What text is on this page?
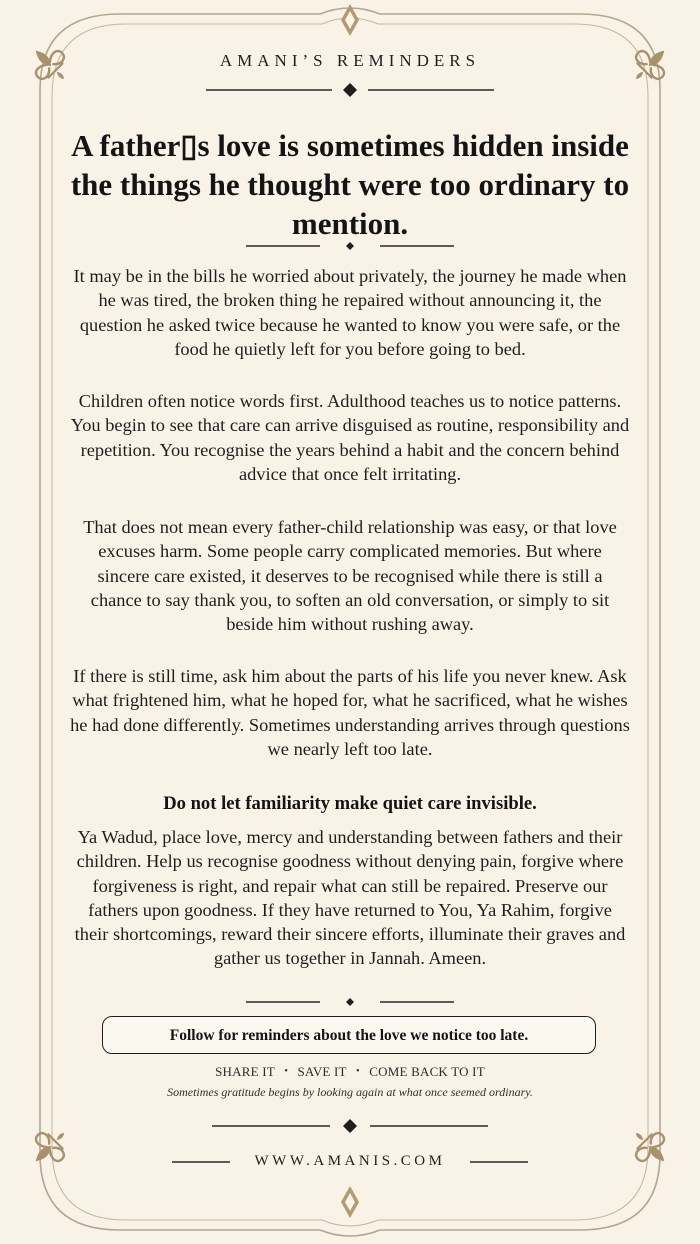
AMANI’S REMINDERS
A father▯s love is sometimes hidden inside the things he thought were too ordinary to mention.

It may be in the bills he worried about privately, the journey he made when he was tired, the broken thing he repaired without announcing it, the question he asked twice because he wanted to know you were safe, or the food he quietly left for you before going to bed.

Children often notice words first. Adulthood teaches us to notice patterns. You begin to see that care can arrive disguised as routine, responsibility and repetition. You recognise the years behind a habit and the concern behind advice that once felt irritating.

That does not mean every father-child relationship was easy, or that love excuses harm. Some people carry complicated memories. But where sincere care existed, it deserves to be recognised while there is still a chance to say thank you, to soften an old conversation, or simply to sit beside him without rushing away.

If there is still time, ask him about the parts of his life you never knew. Ask what frightened him, what he hoped for, what he sacrificed, what he wishes he had done differently. Sometimes understanding arrives through questions we nearly left too late.

Do not let familiarity make quiet care invisible.

Ya Wadud, place love, mercy and understanding between fathers and their children. Help us recognise goodness without denying pain, forgive where forgiveness is right, and repair what can still be repaired. Preserve our fathers upon goodness. If they have returned to You, Ya Rahim, forgive their shortcomings, reward their sincere efforts, illuminate their graves and gather us together in Jannah. Ameen.

Follow for reminders about the love we notice too late.
SHARE IT • SAVE IT • COME BACK TO IT
Sometimes gratitude begins by looking again at what once seemed ordinary.
WWW.AMANIS.COM
